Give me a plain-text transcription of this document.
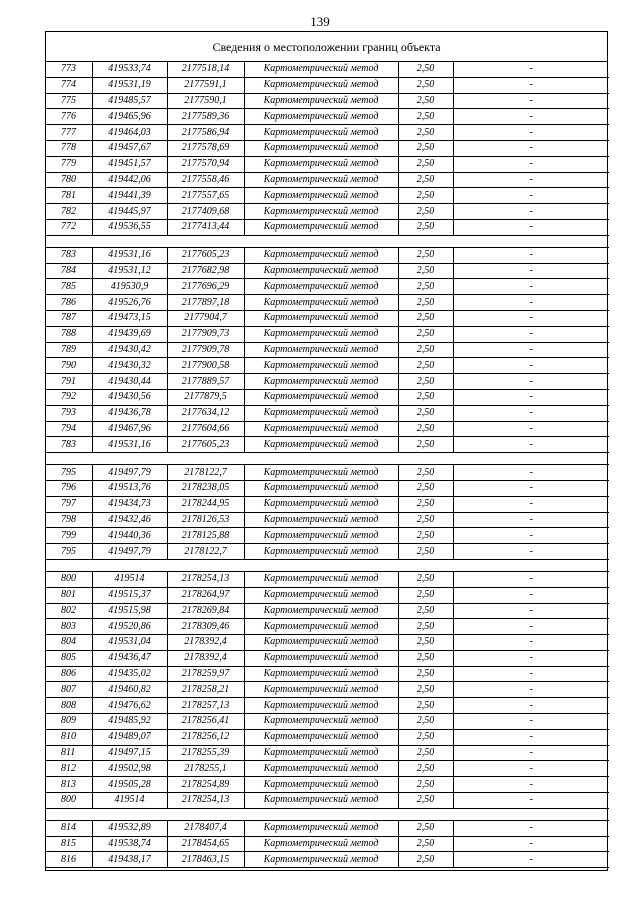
139
Сведения о местоположении границ объекта
773	419533,74	2177518,14	Картометрический метод	2,50	-
774	419531,19	2177591,1	Картометрический метод	2,50	-
775	419485,57	2177590,1	Картометрический метод	2,50	-
776	419465,96	2177589,36	Картометрический метод	2,50	-
777	419464,03	2177586,94	Картометрический метод	2,50	-
778	419457,67	2177578,69	Картометрический метод	2,50	-
779	419451,57	2177570,94	Картометрический метод	2,50	-
780	419442,06	2177558,46	Картометрический метод	2,50	-
781	419441,39	2177557,65	Картометрический метод	2,50	-
782	419445,97	2177409,68	Картометрический метод	2,50	-
772	419536,55	2177413,44	Картометрический метод	2,50	-

783	419531,16	2177605,23	Картометрический метод	2,50	-
784	419531,12	2177682,98	Картометрический метод	2,50	-
785	419530,9	2177696,29	Картометрический метод	2,50	-
786	419526,76	2177897,18	Картометрический метод	2,50	-
787	419473,15	2177904,7	Картометрический метод	2,50	-
788	419439,69	2177909,73	Картометрический метод	2,50	-
789	419430,42	2177909,78	Картометрический метод	2,50	-
790	419430,32	2177900,58	Картометрический метод	2,50	-
791	419430,44	2177889,57	Картометрический метод	2,50	-
792	419430,56	2177879,5	Картометрический метод	2,50	-
793	419436,78	2177634,12	Картометрический метод	2,50	-
794	419467,96	2177604,66	Картометрический метод	2,50	-
783	419531,16	2177605,23	Картометрический метод	2,50	-

795	419497,79	2178122,7	Картометрический метод	2,50	-
796	419513,76	2178238,05	Картометрический метод	2,50	-
797	419434,73	2178244,95	Картометрический метод	2,50	-
798	419432,46	2178126,53	Картометрический метод	2,50	-
799	419440,36	2178125,88	Картометрический метод	2,50	-
795	419497,79	2178122,7	Картометрический метод	2,50	-

800	419514	2178254,13	Картометрический метод	2,50	-
801	419515,37	2178264,97	Картометрический метод	2,50	-
802	419515,98	2178269,84	Картометрический метод	2,50	-
803	419520,86	2178309,46	Картометрический метод	2,50	-
804	419531,04	2178392,4	Картометрический метод	2,50	-
805	419436,47	2178392,4	Картометрический метод	2,50	-
806	419435,02	2178259,97	Картометрический метод	2,50	-
807	419460,82	2178258,21	Картометрический метод	2,50	-
808	419476,62	2178257,13	Картометрический метод	2,50	-
809	419485,92	2178256,41	Картометрический метод	2,50	-
810	419489,07	2178256,12	Картометрический метод	2,50	-
811	419497,15	2178255,39	Картометрический метод	2,50	-
812	419502,98	2178255,1	Картометрический метод	2,50	-
813	419505,28	2178254,89	Картометрический метод	2,50	-
800	419514	2178254,13	Картометрический метод	2,50	-

814	419532,89	2178407,4	Картометрический метод	2,50	-
815	419538,74	2178454,65	Картометрический метод	2,50	-
816	419438,17	2178463,15	Картометрический метод	2,50	-
